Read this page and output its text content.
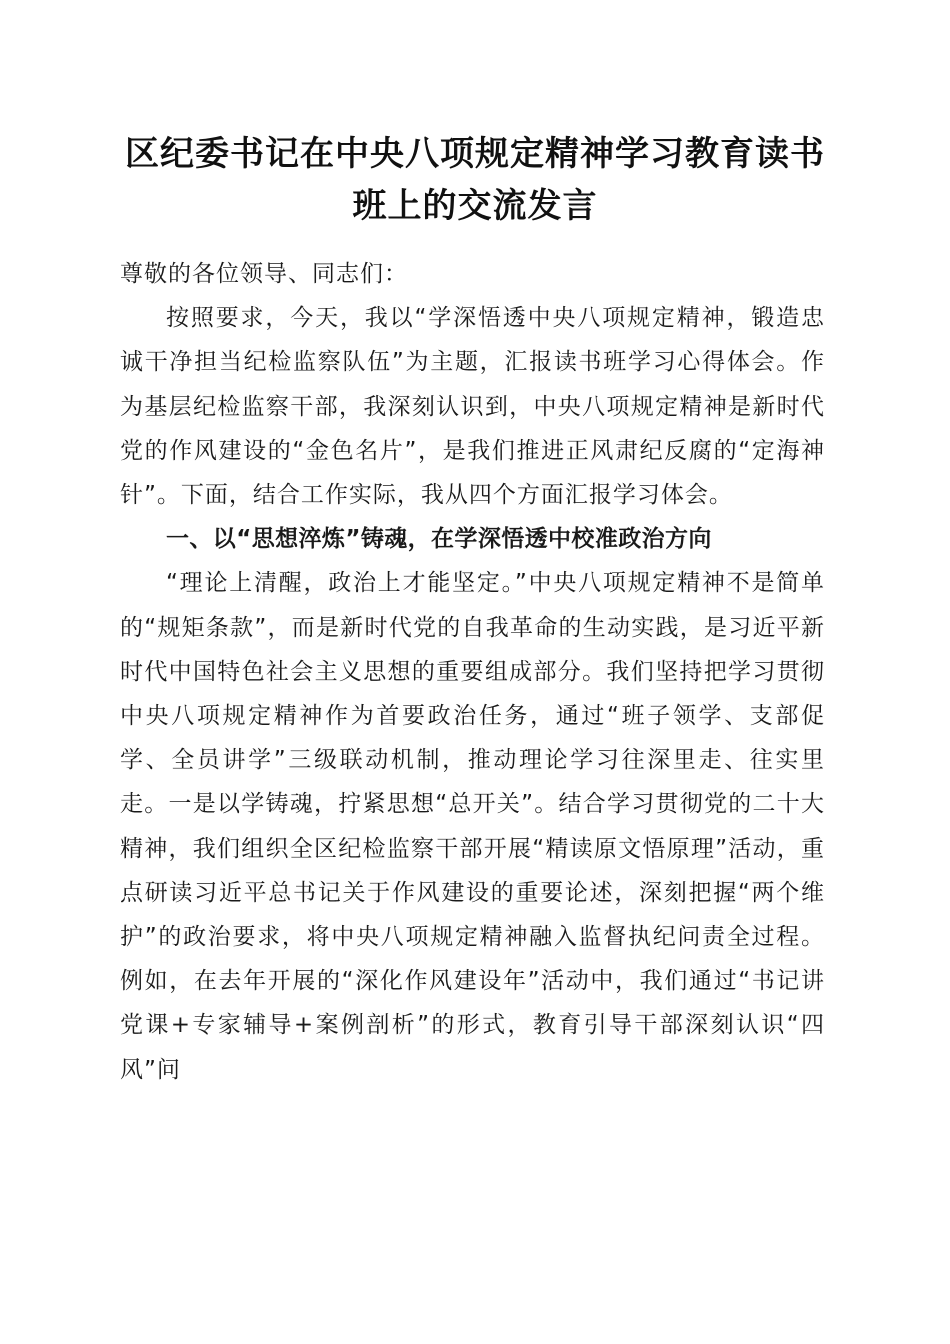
区纪委书记在中央八项规定精神学习教育读书
班上的交流发言

尊敬的各位领导、同志们：

按照要求，今天，我以“学深悟透中央八项规定精神，锻造忠诚干净担当纪检监察队伍”为主题，汇报读书班学习心得体会。作为基层纪检监察干部，我深刻认识到，中央八项规定精神是新时代党的作风建设的“金色名片”，是我们推进正风肃纪反腐的“定海神针”。下面，结合工作实际，我从四个方面汇报学习体会。

一、以“思想淬炼”铸魂，在学深悟透中校准政治方向

“理论上清醒，政治上才能坚定。”中央八项规定精神不是简单的“规矩条款”，而是新时代党的自我革命的生动实践，是习近平新时代中国特色社会主义思想的重要组成部分。我们坚持把学习贯彻中央八项规定精神作为首要政治任务，通过“班子领学、支部促学、全员讲学”三级联动机制，推动理论学习往深里走、往实里走。一是以学铸魂，拧紧思想“总开关”。结合学习贯彻党的二十大精神，我们组织全区纪检监察干部开展“精读原文悟原理”活动，重点研读习近平总书记关于作风建设的重要论述，深刻把握“两个维护”的政治要求，将中央八项规定精神融入监督执纪问责全过程。例如，在去年开展的“深化作风建设年”活动中，我们通过“书记讲党课+专家辅导+案例剖析”的形式，教育引导干部深刻认识“四风”问
